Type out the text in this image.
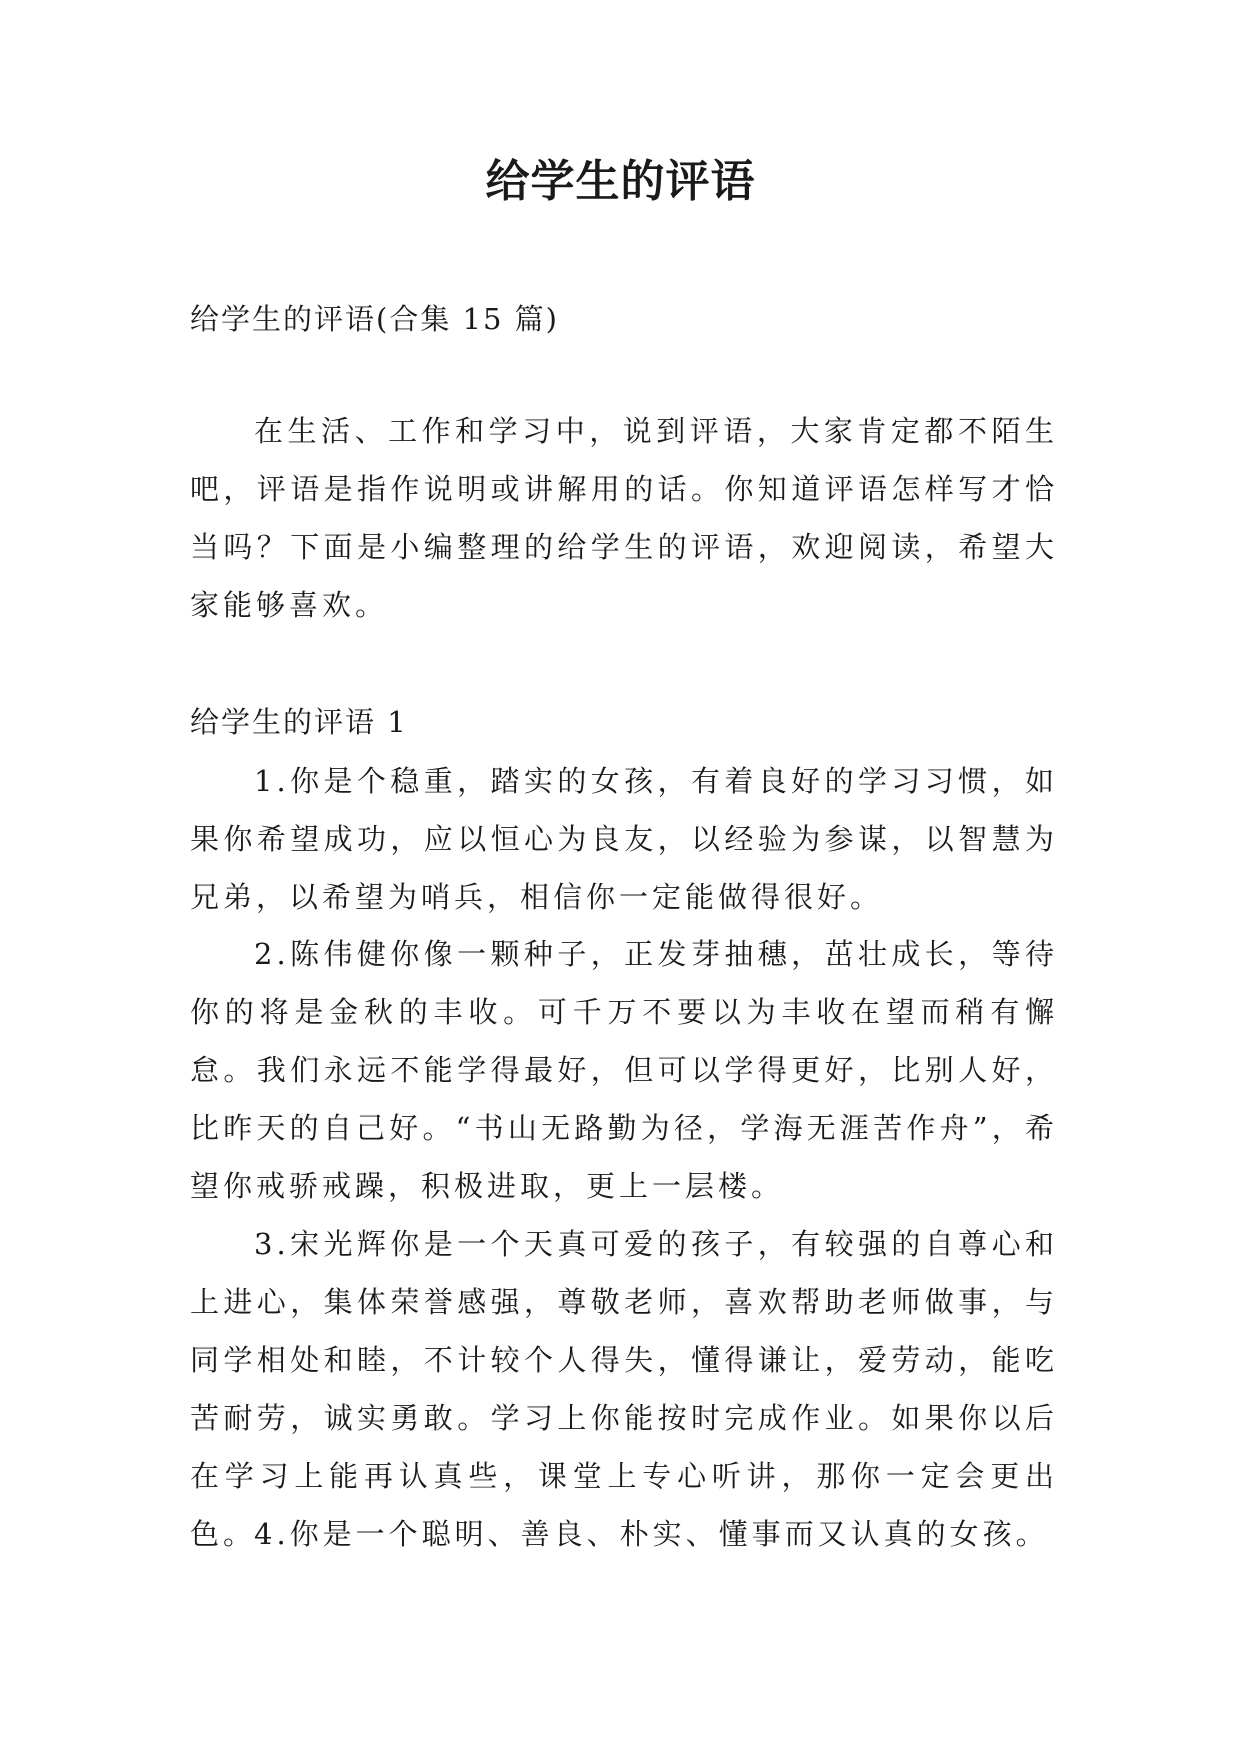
给学生的评语

给学生的评语(合集 15 篇)

在生活、工作和学习中，说到评语，大家肯定都不陌生吧，评语是指作说明或讲解用的话。你知道评语怎样写才恰当吗？下面是小编整理的给学生的评语，欢迎阅读，希望大家能够喜欢。

给学生的评语 1

1.你是个稳重，踏实的女孩，有着良好的学习习惯，如果你希望成功，应以恒心为良友，以经验为参谋，以智慧为兄弟，以希望为哨兵，相信你一定能做得很好。

2.陈伟健你像一颗种子，正发芽抽穗，茁壮成长，等待你的将是金秋的丰收。可千万不要以为丰收在望而稍有懈怠。我们永远不能学得最好，但可以学得更好，比别人好，比昨天的自己好。“书山无路勤为径，学海无涯苦作舟”，希望你戒骄戒躁，积极进取，更上一层楼。

3.宋光辉你是一个天真可爱的孩子，有较强的自尊心和上进心，集体荣誉感强，尊敬老师，喜欢帮助老师做事，与同学相处和睦，不计较个人得失，懂得谦让，爱劳动，能吃苦耐劳，诚实勇敢。学习上你能按时完成作业。如果你以后在学习上能再认真些，课堂上专心听讲，那你一定会更出色。

4.你是一个聪明、善良、朴实、懂事而又认真的女孩。
